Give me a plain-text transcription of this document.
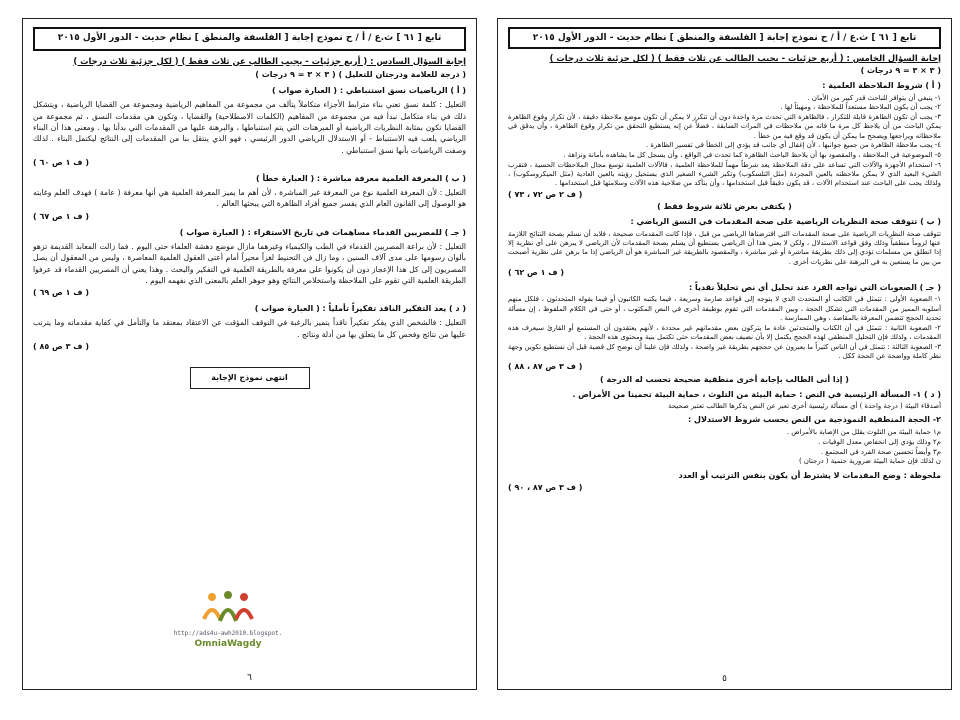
تابع [ ٦١ ] ث.ع / أ / ح نموذج إجابة [ الفلسفة والمنطق ] نظام حديث - الدور الأول ٢٠١٥
إجابة السؤال السادس : ( أربع جزئيات - يجيب الطالب عن ثلاث فقط ) ( لكل جزئية ثلاث درجات )
( درجة للعلامة ودرجتان للتعليل ) ( ٣ × ٣ = ٩ درجات )
( أ ) الرياضيات نسق استنباطي : ( العبارة صواب )
التعليل : كلمة نسق تعني بناء مترابط الأجزاء متكاملاً يتألف من مجموعة من المفاهيم الرياضية ومجموعة من القضايا الرياضية ، ويتشكل ذلك في بناء متكامل نبدأ فيه من مجموعة من المفاهيم (الكلمات الاصطلاحية) والقضايا ، وتكون هي مقدمات النسق ، ثم مجموعة من القضايا تكون بمثابة النظريات الرياضية أو المبرهنات التي يتم استنباطها ، والبرهنة عليها من المقدمات التي بدأنا بها . ومعنى هذا أن البناء الرياضي يلعب فيه الاستنباط - أو الاستدلال الرياضي الدور الرئيسي ، فهو الذي ينتقل بنا من المقدمات إلى النتائج ليكتمل البناء . لذلك وصفت الرياضيات بأنها نسق استنباطي .
( ف ١ ص ٦٠ )
( ب ) المعرفة العلمية معرفة مباشرة : ( العبارة خطأ )
التعليل : لأن المعرفة العلمية نوع من المعرفة غير المباشرة ، لأن أهم ما يميز المعرفة العلمية هي أنها معرفة ( عامة ) فهدف العلم وغايته هو الوصول إلى القانون العام الذي يفسر جميع أفراد الظاهرة التي يبحثها العالم .
( ف ١ ص ٦٧ )
( جـ ) للمصريين القدماء مساهمات في تاريخ الاستقراء : ( العبارة صواب )
التعليل : لأن براعة المصريين القدماء في الطب والكيمياء وغيرهما مازال موضع دهشة العلماء حتى اليوم . فما زالت المعابد القديمة تزهو بألوان رسومها على مدى آلاف السنين ، وما زال فن التحنيط لغزاً محيراً أمام أعتى العقول العلمية المعاصرة ، وليس من المعقول أن يصل المصريون إلى كل هذا الإعجاز دون أن يكونوا على معرفة بالطريقة العلمية في التفكير والبحث . وهذا يعني أن المصريين القدماء قد عرفوا الطريقة العلمية التي تقوم على الملاحظة واستخلاص النتائج وهو جوهر العلم بالمعنى الذي نفهمه اليوم .
( ف ١ ص ٦٩ )
( د ) يعد التفكير الناقد تفكيراً تأملياً : ( العبارة صواب )
التعليل : فالشخص الذي يفكر تفكيراً ناقداً يتميز بالرغبة في التوقف المؤقت عن الاعتقاد بمعتقد ما والتأمل في كفاية مقدماته وما يترتب عليها من نتائج وفحص كل ما يتعلق بها من أدلة ونتائج .
( ف ٣ ص ٨٥ )
انتهى نموذج الإجابة
http://ads4u-awh2010.blogspot.
OmniaWagdy
٦
تابع [ ٦١ ] ث.ع / أ / ح نموذج إجابة [ الفلسفة والمنطق ] نظام حديث - الدور الأول ٢٠١٥
إجابة السؤال الخامس : ( أربع جزئيات - يجيب الطالب عن ثلاث فقط ) ( لكل جزئية ثلاث درجات )
( ٣ × ٣ = ٩ درجات )
( أ ) شروط الملاحظة العلمية :
١- ينبغي أن يتوافر للباحث قدر كبير من الأمان .
٢- يجب أن يكون الملاحظ مستعداً للملاحظة ، ومهيئاً لها .
٣- يجب أن تكون الظاهرة قابلة للتكرار ، فالظاهرة التي تحدث مرة واحدة دون أن تتكرر لا يمكن أن تكون موضع ملاحظة دقيقة ، لأن تكرار وقوع الظاهرة يمكن الباحث من أن يلاحظ كل مرة ما فاته من ملاحظات في المرات السابقة ، فضلاً عن إنه يستطيع التحقق من تكرار وقوع الظاهرة ، وأن يدقق في ملاحظاته ويراجعها ويصحح ما يمكن أن يكون قد وقع فيه من خطأ .
٤- يجب ملاحظة الظاهرة من جميع جوانبها ، لأن إغفال أي جانب قد يؤدي إلى الخطأ في تفسير الظاهرة .
٥- الموضوعية في الملاحظة ، والمقصود بها أن يلاحظ الباحث الظاهرة كما تحدث في الواقع ، وأن يسجل كل ما يشاهده بأمانة ونزاهة .
٦- استخدام الأجهزة والآلات التي تساعد على دقة الملاحظة يعد شرطاً مهماً للملاحظة العلمية ، فالآلات العلمية توسع مجال الملاحظات الحسية ، فتقرب الشيء البعيد الذي لا يمكن ملاحظته بالعين المجردة (مثل التلسكوب) وتكبر الشيء الصغير الذي يستحيل رؤيته بالعين العادية (مثل الميكروسكوب) ، ولذلك يجب على الباحث عند استخدام الآلات ، قد يكون دقيقاً قبل استخدامها ، وأن يتأكد من صلاحية هذه الآلات وسلامتها قبل استخدامها .
( ف ٢ ص ٧٢ ، ٧٣ )
( يكتفى بعرض ثلاثة شروط فقط )
( ب ) تتوقف صحة النظريات الرياضية على صحة المقدمات في النسق الرياضي :
تتوقف صحة النظريات الرياضية على صحة المقدمات التي افترضناها الرياضي من قبل ، فإذا كانت المقدمات صحيحة ، فلابد أن نسلم بصحة النتائج اللازمة عنها لزوماً منطقياً وذلك وفق قواعد الاستدلال ، ولكن لا يعني هذا أن الرياضي يستطيع أن يسلم بصحة المقدمات لأن الرياضي لا يبرهن على أي نظرية إلا إذا انطلق من مسلمات تؤدي إلى ذلك بطريقة مباشرة أو غير مباشرة ، والمقصود بالطريقة غير المباشرة هو أن الرياضي إذا ما برهن على نظرية أصبحت من بين ما يستعين به في البرهنة على نظريات أخرى .
( ف ١ ص ٦٢ )
( جـ ) الصعوبات التي تواجه الفرد عند تحليل أي نص تحليلاً نقدياً :
١- الصعوبة الأولى : تتمثل في الكاتب أو المتحدث الذي لا يتوجه إلى قواعد صارمة وسريعة ، فيما يكتبه الكاتبون أو فيما يقوله المتحدثون ، فلكل منهم أسلوبه المميز من المقدمات التي تشكل الحجة ، وبين المقدمات التي تقوم بوظيفة أخرى في النص المكتوب ، أو حتى في الكلام الملفوظ ، إن مسألة تحديد الحجج تتضمن المعرفة بالمقاصد ، وهي الممارسة .
٢- الصعوبة الثانية : تتمثل في أن الكتاب والمتحدثين عادة ما يتركون بعض مقدماتهم غير محددة ، لأنهم يعتقدون أن المستمع أو القارئ سيعرف هذه المقدمات ، ولذلك فإن التحليل المنطقي لهذه الحجج يكتمل إلا بأن نضيف بعض المقدمات حتى تكتمل بنية ومحتوى هذه الحجة .
٣- الصعوبة الثالثة : تتمثل في أن الناس كثيراً ما يعبرون عن حججهم بطريقة غير واضحة ، ولذلك فإن علينا أن نوضح كل قضية قبل أن نستطيع تكوين وجهة نظر كاملة وواضحة عن الحجة ككل .
( ف ٣ ص ٨٧ ، ٨٨ )
( إذا أتى الطالب بإجابة أخرى منطقية صحيحة تحسب له الدرجة )
( د ) ١- المسألة الرئيسية في النص : حماية البيئة من التلوث ، حماية البيئة تحمينا من الأمراض .
أصدقاء البيئة ( درجة واحدة ) أي مسألة رئيسية أخرى تعبر عن النص يذكرها الطالب تعتبر صحيحة
٢- الحجة المنطقية النموذجية من النص بحسب شروط الاستدلال :
م١ حماية البيئة من التلوث يقلل من الإصابة بالأمراض .
م٢ وذلك يؤدي إلى انخفاض معدل الوفيات .
م٣ وأيضاً تحسين صحة الفرد في المجتمع .
ن لذلك فإن حماية البيئة ضرورية حتمية ( درجتان )
ملحوظة : وضع المقدمات لا يشترط أن يكون بنفس الترتيب أو العدد
( ف ٣ ص ٨٧ ، ٩٠ )
٥
